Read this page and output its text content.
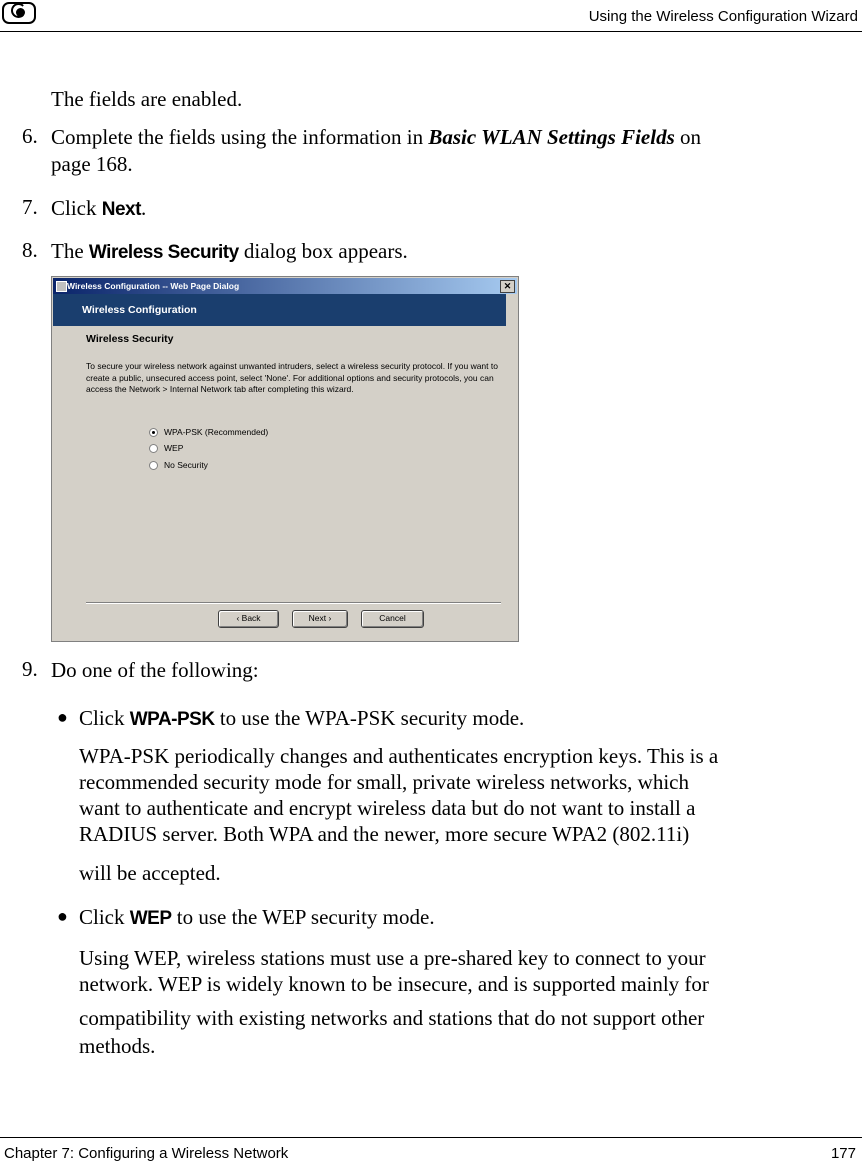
Using the Wireless Configuration Wizard

The fields are enabled.

6. Complete the fields using the information in Basic WLAN Settings Fields on

page 168.

7. Click Next.

8. The Wireless Security dialog box appears.

Wireless Configuration -- Web Page Dialog	✕
Wireless Configuration
Wireless Security
To secure your wireless network against unwanted intruders, select a wireless security protocol. If you want to create a public, unsecured access point, select 'None'. For additional options and security protocols, you can access the Network > Internal Network tab after completing this wizard.
WPA-PSK (Recommended)
WEP
No Security
‹ Back	Next ›	Cancel
9. Do one of the following:

● Click WPA-PSK to use the WPA-PSK security mode.

WPA-PSK periodically changes and authenticates encryption keys. This is a

recommended security mode for small, private wireless networks, which

want to authenticate and encrypt wireless data but do not want to install a

RADIUS server. Both WPA and the newer, more secure WPA2 (802.11i)

will be accepted.

● Click WEP to use the WEP security mode.

Using WEP, wireless stations must use a pre-shared key to connect to your

network. WEP is widely known to be insecure, and is supported mainly for

compatibility with existing networks and stations that do not support other

methods.

Chapter 7: Configuring a Wireless Network	177
